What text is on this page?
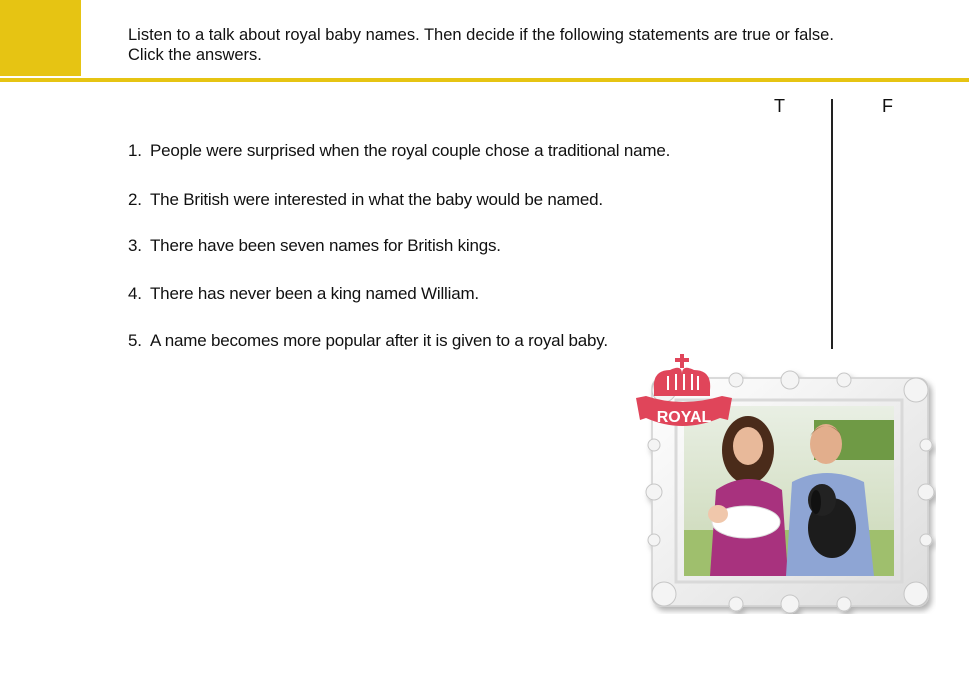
Listen to a talk about royal baby names. Then decide if the following statements are true or false.
Click the answers.
T	F
1. People were surprised when the royal couple chose a traditional name.
2. The British were interested in what the baby would be named.
3. There have been seven names for British kings.
4. There has never been a king named William.
5. A name becomes more popular after it is given to a royal baby.
ROYAL
